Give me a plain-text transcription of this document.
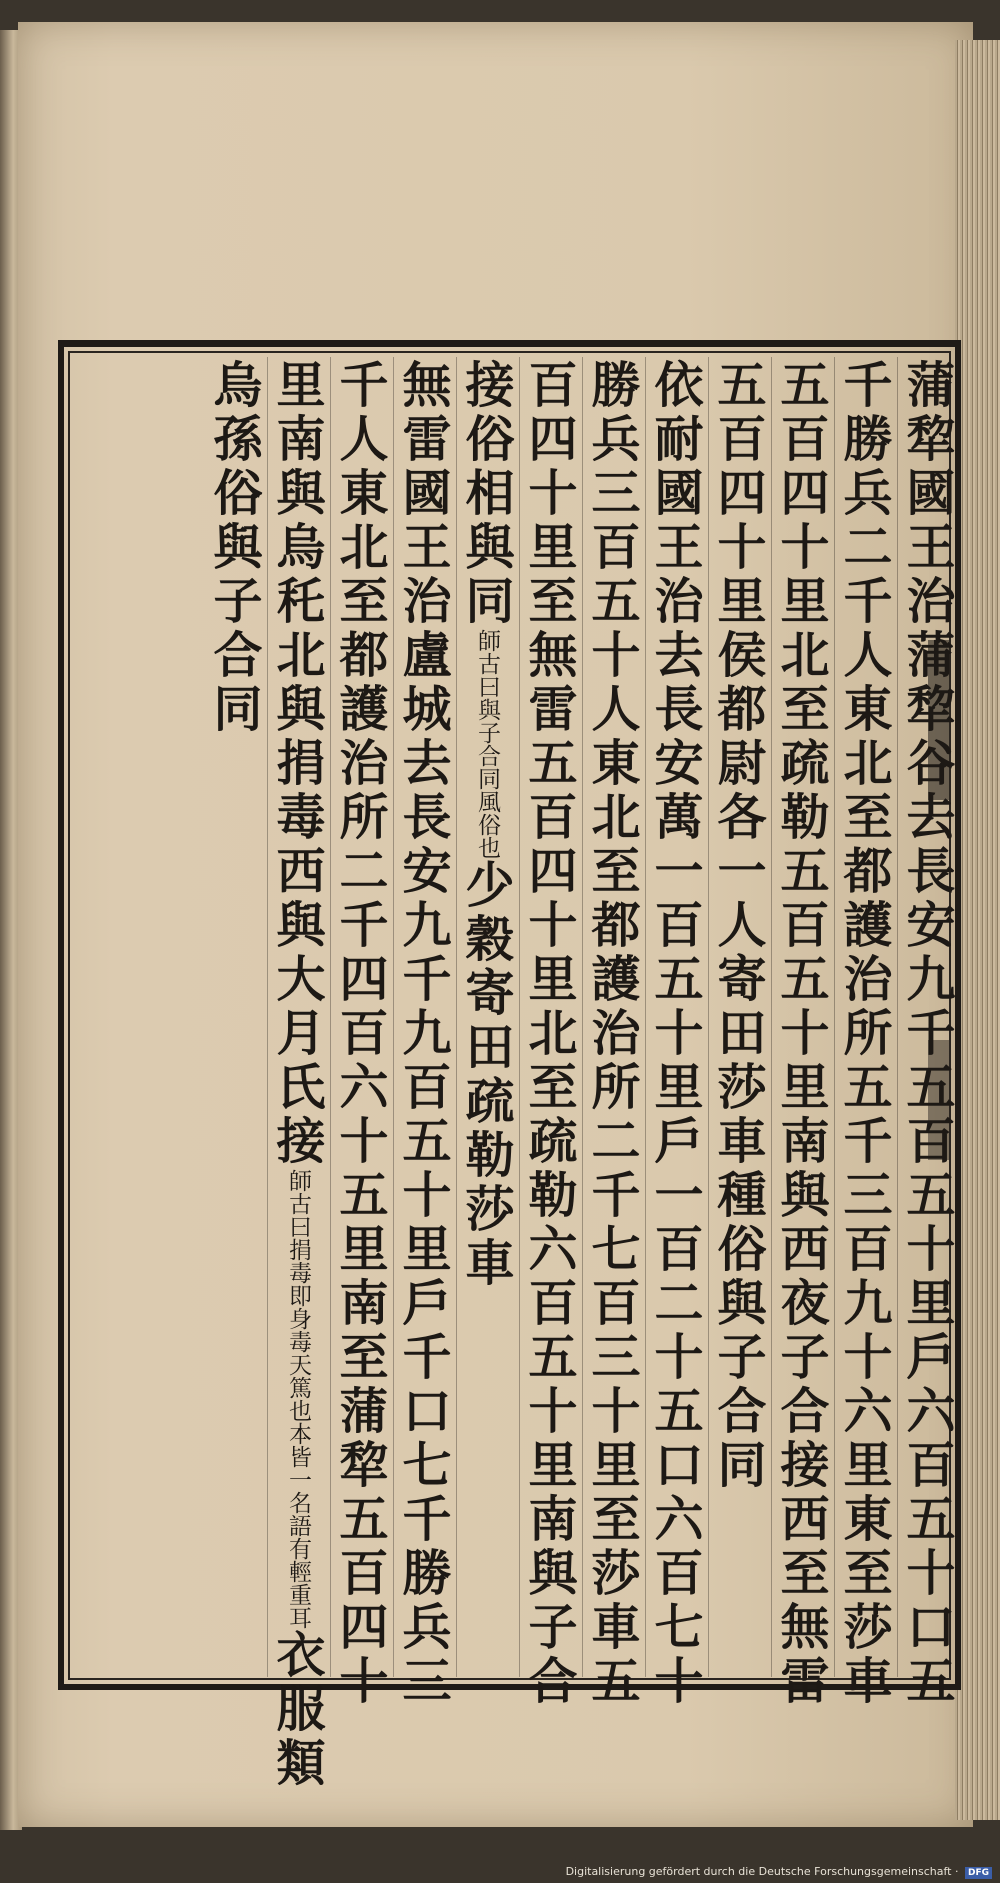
蒲犂國王治蒲犂谷去長安九千五百五十里戶六百五十口五
千勝兵二千人東北至都護治所五千三百九十六里東至莎車
五百四十里北至疏勒五百五十里南與西夜子合接西至無雷
五百四十里侯都尉各一人寄田莎車種俗與子合同
依耐國王治去長安萬一百五十里戶一百二十五口六百七十
勝兵三百五十人東北至都護治所二千七百三十里至莎車五
百四十里至無雷五百四十里北至疏勒六百五十里南與子合
接俗相與同師古曰與子合同風俗也少穀寄田疏勒莎車
無雷國王治盧城去長安九千九百五十里戶千口七千勝兵三
千人東北至都護治所二千四百六十五里南至蒲犂五百四十
里南與烏秅北與捐毒西與大月氏接師古曰捐毒即身毒天篤也本皆一名語有輕重耳衣服類
烏孫俗與子合同
Digitalisierung gefördert durch die Deutsche Forschungsgemeinschaft · DFG
